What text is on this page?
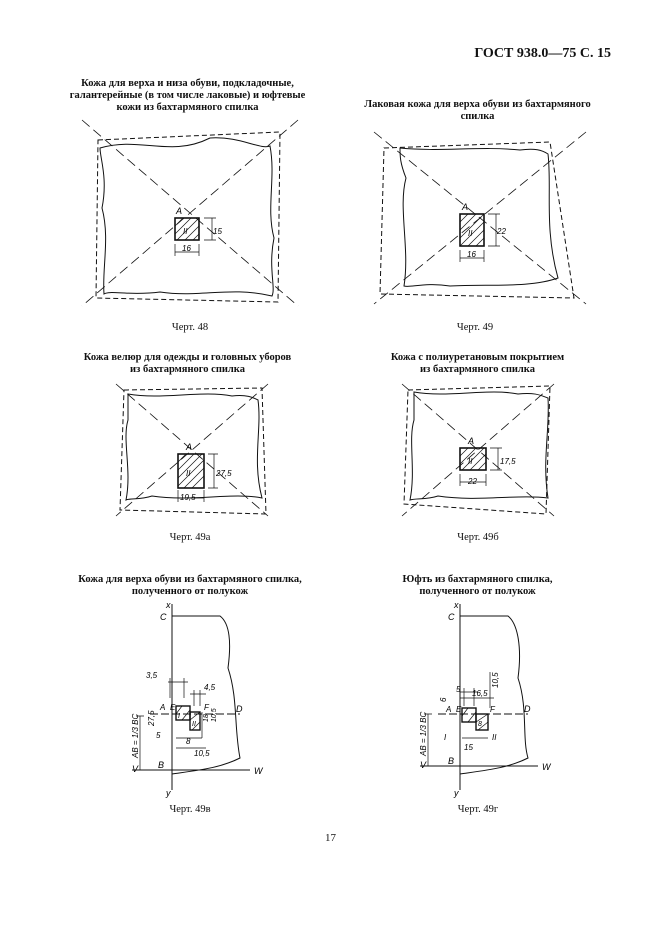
ГОСТ 938.0—75 С. 15
Кожа для верха и низа обуви, подкладочные,
галантерейные (в том числе лаковые) и юфтевые
кожи из бахтармяного спилка
A
II
16
15
Черт. 48
Лаковая кожа для верха обуви из бахтармяного
спилка
A
II
16
22
Черт. 49
Кожа велюр для одежды и головных уборов
из бахтармяного спилка
A
II
19,5
27,5
Черт. 49а
Кожа с полиуретановым покрытием
из бахтармяного спилка
A
II
22
17,5
Черт. 49б
Кожа для верха обуви из бахтармяного спилка,
полученного от полукож
x
C
D
W
y
B
V
A E	F
I
II
AB = 1/3 BC
3,5
4,5
27,5
5
8
10,5
18 10,5
Черт. 49в
Юфть из бахтармяного спилка,
полученного от полукож
x
C
D
W
y
B
V
A E	F
I	II
AB = 1/3 BC
6
5 16,5
10,5
8
15
Черт. 49г
17
